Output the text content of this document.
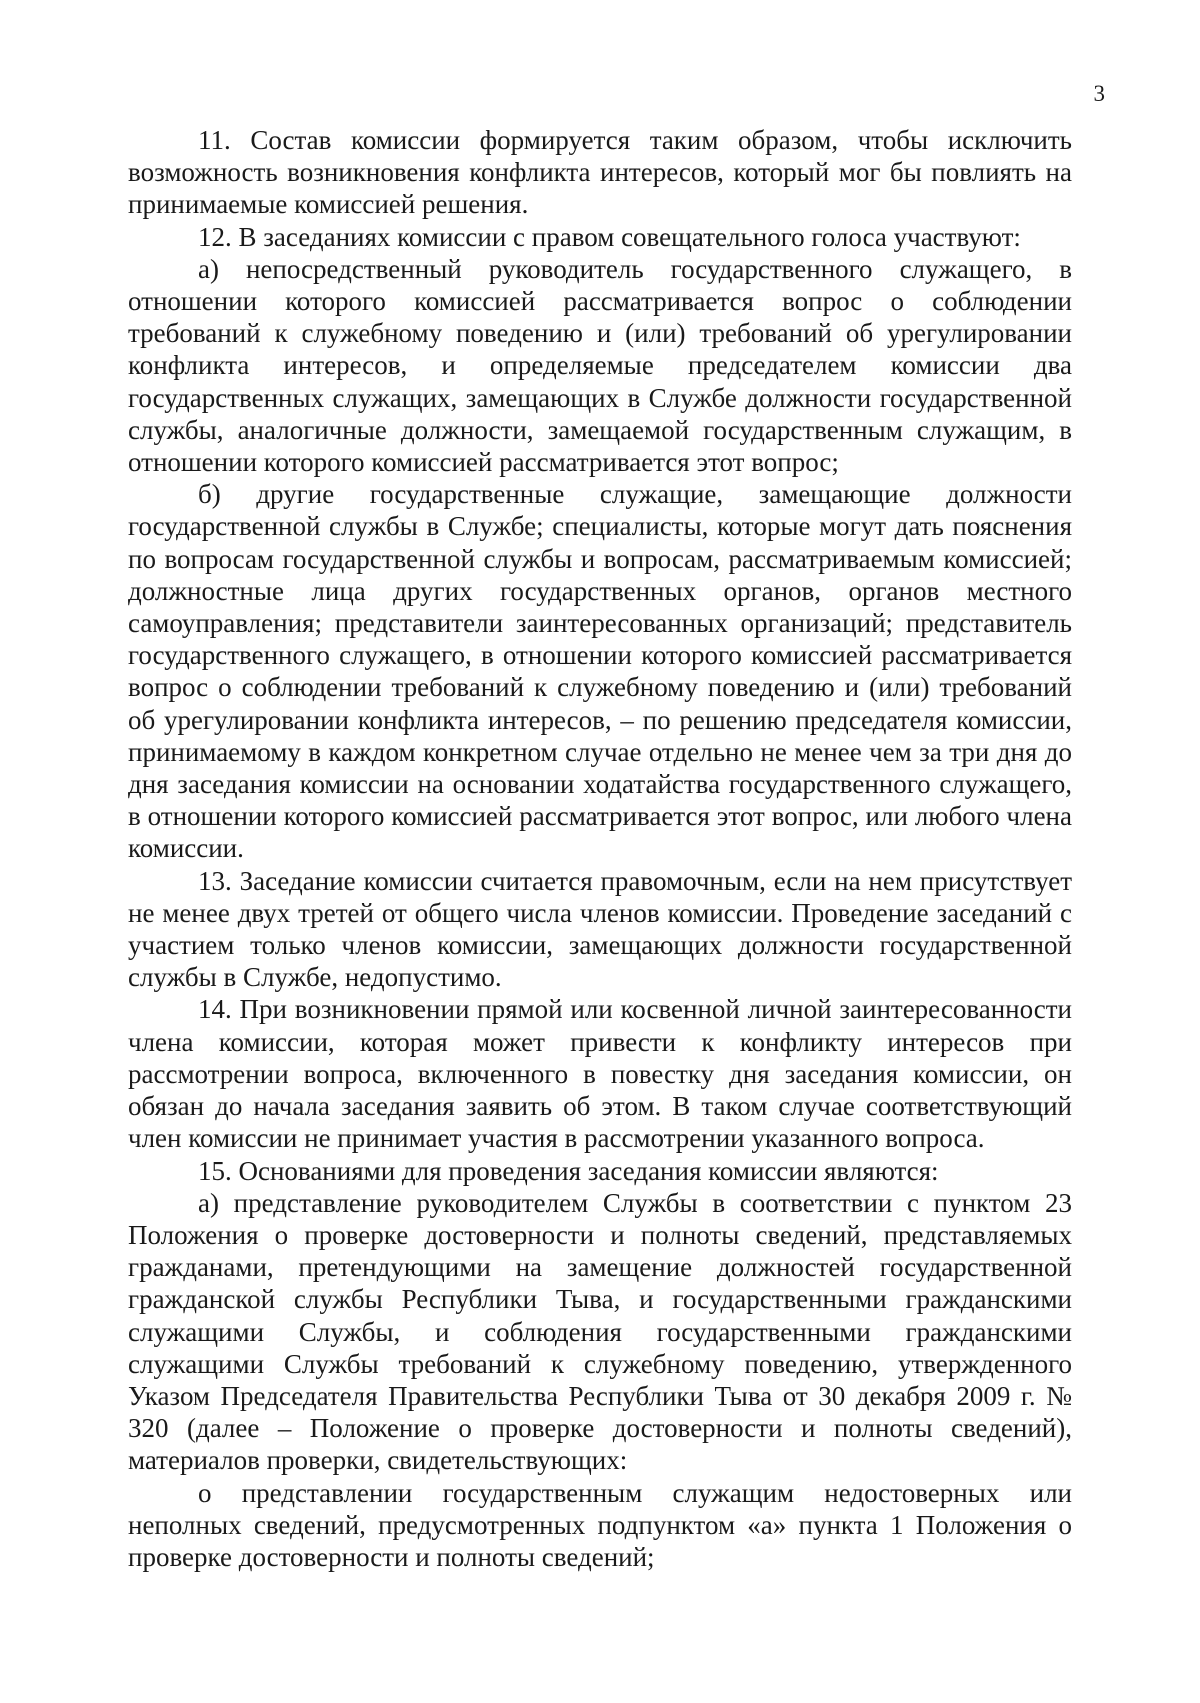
3

11. Состав комиссии формируется таким образом, чтобы исключить возможность возникновения конфликта интересов, который мог бы повлиять на принимаемые комиссией решения.

12. В заседаниях комиссии с правом совещательного голоса участвуют:

а) непосредственный руководитель государственного служащего, в отношении которого комиссией рассматривается вопрос о соблюдении требований к служебному поведению и (или) требований об урегулировании конфликта интересов, и определяемые председателем комиссии два государственных служащих, замещающих в Службе должности государственной службы, аналогичные должности, замещаемой государственным служащим, в отношении которого комиссией рассматривается этот вопрос;

б) другие государственные служащие, замещающие должности государственной службы в Службе; специалисты, которые могут дать пояснения по вопросам государственной службы и вопросам, рассматриваемым комиссией; должностные лица других государственных органов, органов местного самоуправления; представители заинтересованных организаций; представитель государственного служащего, в отношении которого комиссией рассматривается вопрос о соблюдении требований к служебному поведению и (или) требований об урегулировании конфликта интересов, – по решению председателя комиссии, принимаемому в каждом конкретном случае отдельно не менее чем за три дня до дня заседания комиссии на основании ходатайства государственного служащего, в отношении которого комиссией рассматривается этот вопрос, или любого члена комиссии.

13. Заседание комиссии считается правомочным, если на нем присутствует не менее двух третей от общего числа членов комиссии. Проведение заседаний с участием только членов комиссии, замещающих должности государственной службы в Службе, недопустимо.

14. При возникновении прямой или косвенной личной заинтересованности члена комиссии, которая может привести к конфликту интересов при рассмотрении вопроса, включенного в повестку дня заседания комиссии, он обязан до начала заседания заявить об этом. В таком случае соответствующий член комиссии не принимает участия в рассмотрении указанного вопроса.

15. Основаниями для проведения заседания комиссии являются:

а) представление руководителем Службы в соответствии с пунктом 23 Положения о проверке достоверности и полноты сведений, представляемых гражданами, претендующими на замещение должностей государственной гражданской службы Республики Тыва, и государственными гражданскими служащими Службы, и соблюдения государственными гражданскими служащими Службы требований к служебному поведению, утвержденного Указом Председателя Правительства Республики Тыва от 30 декабря 2009 г. № 320 (далее – Положение о проверке достоверности и полноты сведений), материалов проверки, свидетельствующих:

о представлении государственным служащим недостоверных или неполных сведений, предусмотренных подпунктом «а» пункта 1 Положения о проверке достоверности и полноты сведений;
